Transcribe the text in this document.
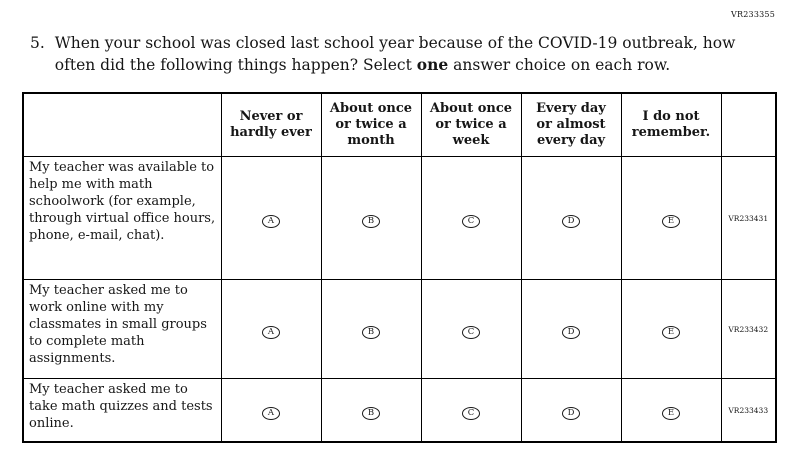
VR233355
5. When your school was closed last school year because of the COVID-19 outbreak, how often did the following things happen? Select one answer choice on each row.
	Never or hardly ever	About once or twice a month	About once or twice a week	Every day or almost every day	I do not remember.	
My teacher was available to help me with math schoolwork (for example, through virtual office hours, phone, e-mail, chat).	A	B	C	D	E	VR233431
My teacher asked me to work online with my classmates in small groups to complete math assignments.	A	B	C	D	E	VR233432
My teacher asked me to take math quizzes and tests online.	A	B	C	D	E	VR233433
